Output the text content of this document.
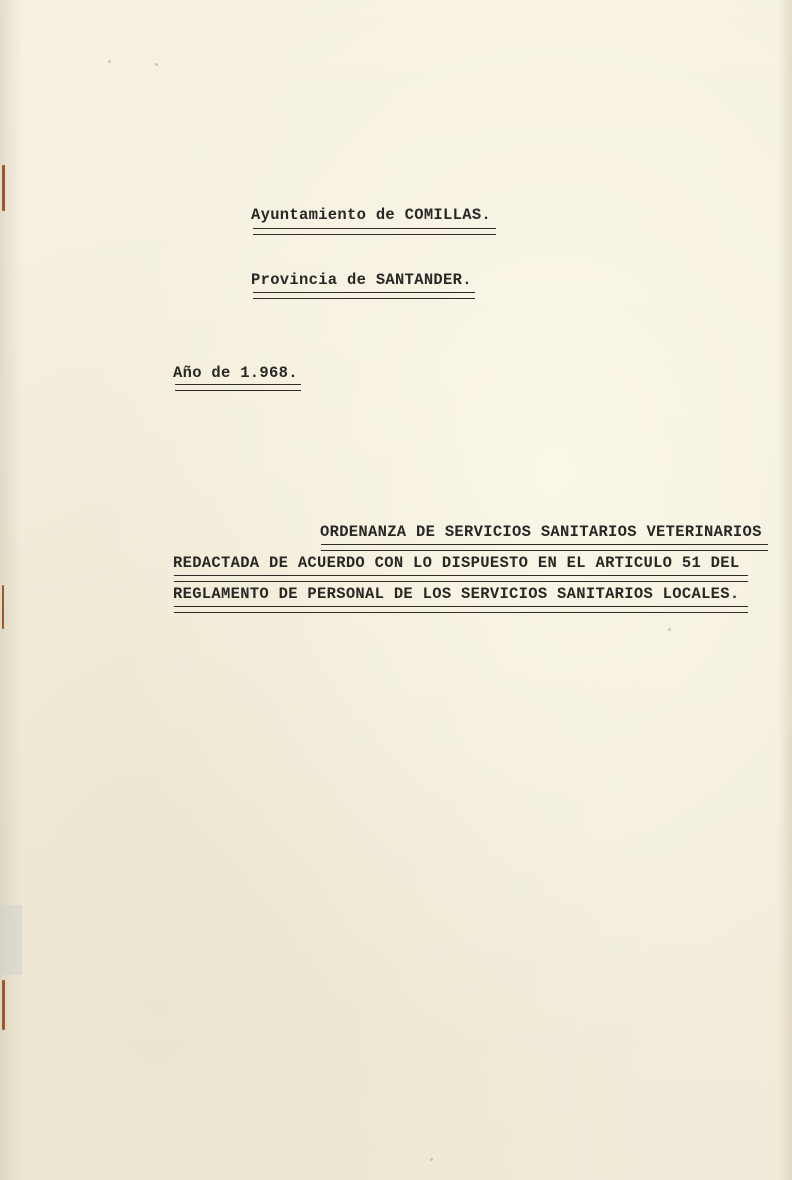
Ayuntamiento de COMILLAS.
Provincia de SANTANDER.
Año de 1.968.
ORDENANZA DE SERVICIOS SANITARIOS VETERINARIOS
REDACTADA DE ACUERDO CON LO DISPUESTO EN EL ARTICULO 51 DEL
REGLAMENTO DE PERSONAL DE LOS SERVICIOS SANITARIOS LOCALES.
